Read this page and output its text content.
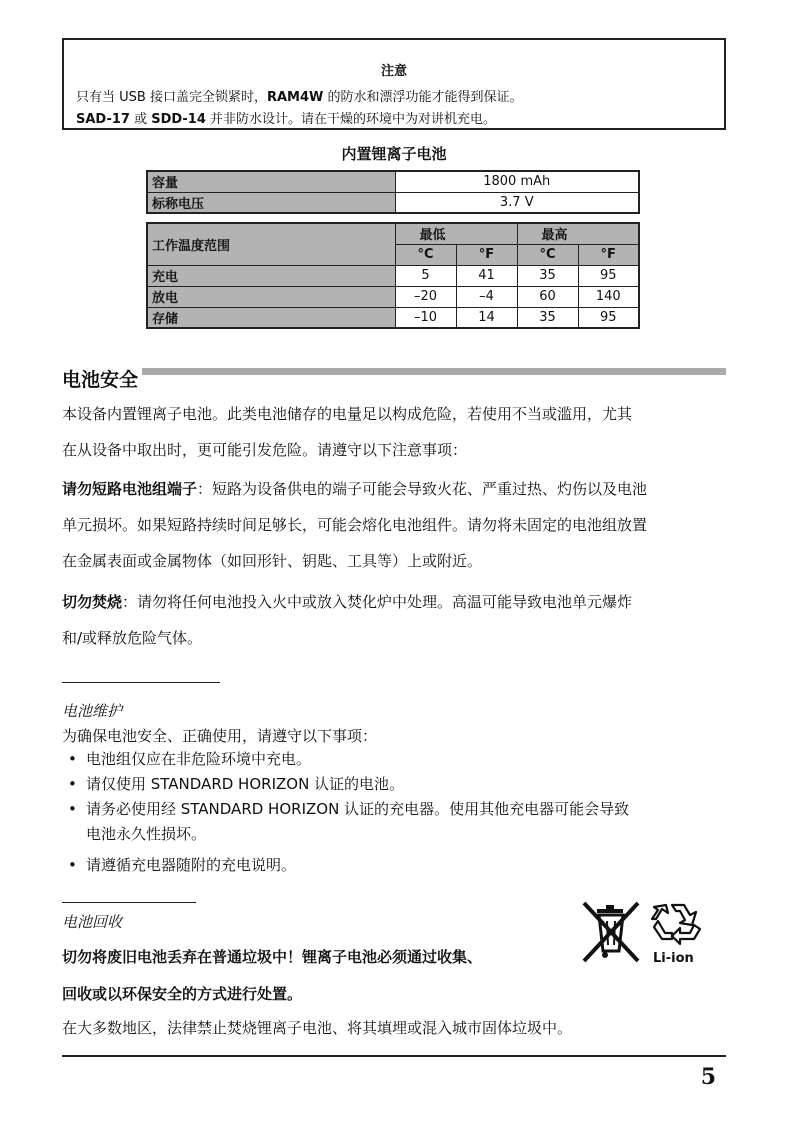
注意
只有当 USB 接口盖完全锁紧时，RAM4W 的防水和漂浮功能才能得到保证。
SAD-17 或 SDD-14 并非防水设计。请在干燥的环境中为对讲机充电。
内置锂离子电池
容量	1800 mAh
标称电压	3.7 V
工作温度范围	最低		最高	
	°C	°F	°C	°F
充电	5	41	35	95
放电	–20	–4	60	140
存储	–10	14	35	95
电池安全
本设备内置锂离子电池。此类电池储存的电量足以构成危险，若使用不当或滥用，尤其
在从设备中取出时，更可能引发危险。请遵守以下注意事项：
请勿短路电池组端子：短路为设备供电的端子可能会导致火花、严重过热、灼伤以及电池
单元损坏。如果短路持续时间足够长，可能会熔化电池组件。请勿将未固定的电池组放置
在金属表面或金属物体（如回形针、钥匙、工具等）上或附近。
切勿焚烧：请勿将任何电池投入火中或放入焚化炉中处理。高温可能导致电池单元爆炸
和/或释放危险气体。
电池维护
为确保电池安全、正确使用，请遵守以下事项：
• 电池组仅应在非危险环境中充电。
• 请仅使用 STANDARD HORIZON 认证的电池。
• 请务必使用经 STANDARD HORIZON 认证的充电器。使用其他充电器可能会导致
电池永久性损坏。
• 请遵循充电器随附的充电说明。
电池回收
切勿将废旧电池丢弃在普通垃圾中！锂离子电池必须通过收集、
回收或以环保安全的方式进行处置。
在大多数地区，法律禁止焚烧锂离子电池、将其填埋或混入城市固体垃圾中。
Li-ion
5
